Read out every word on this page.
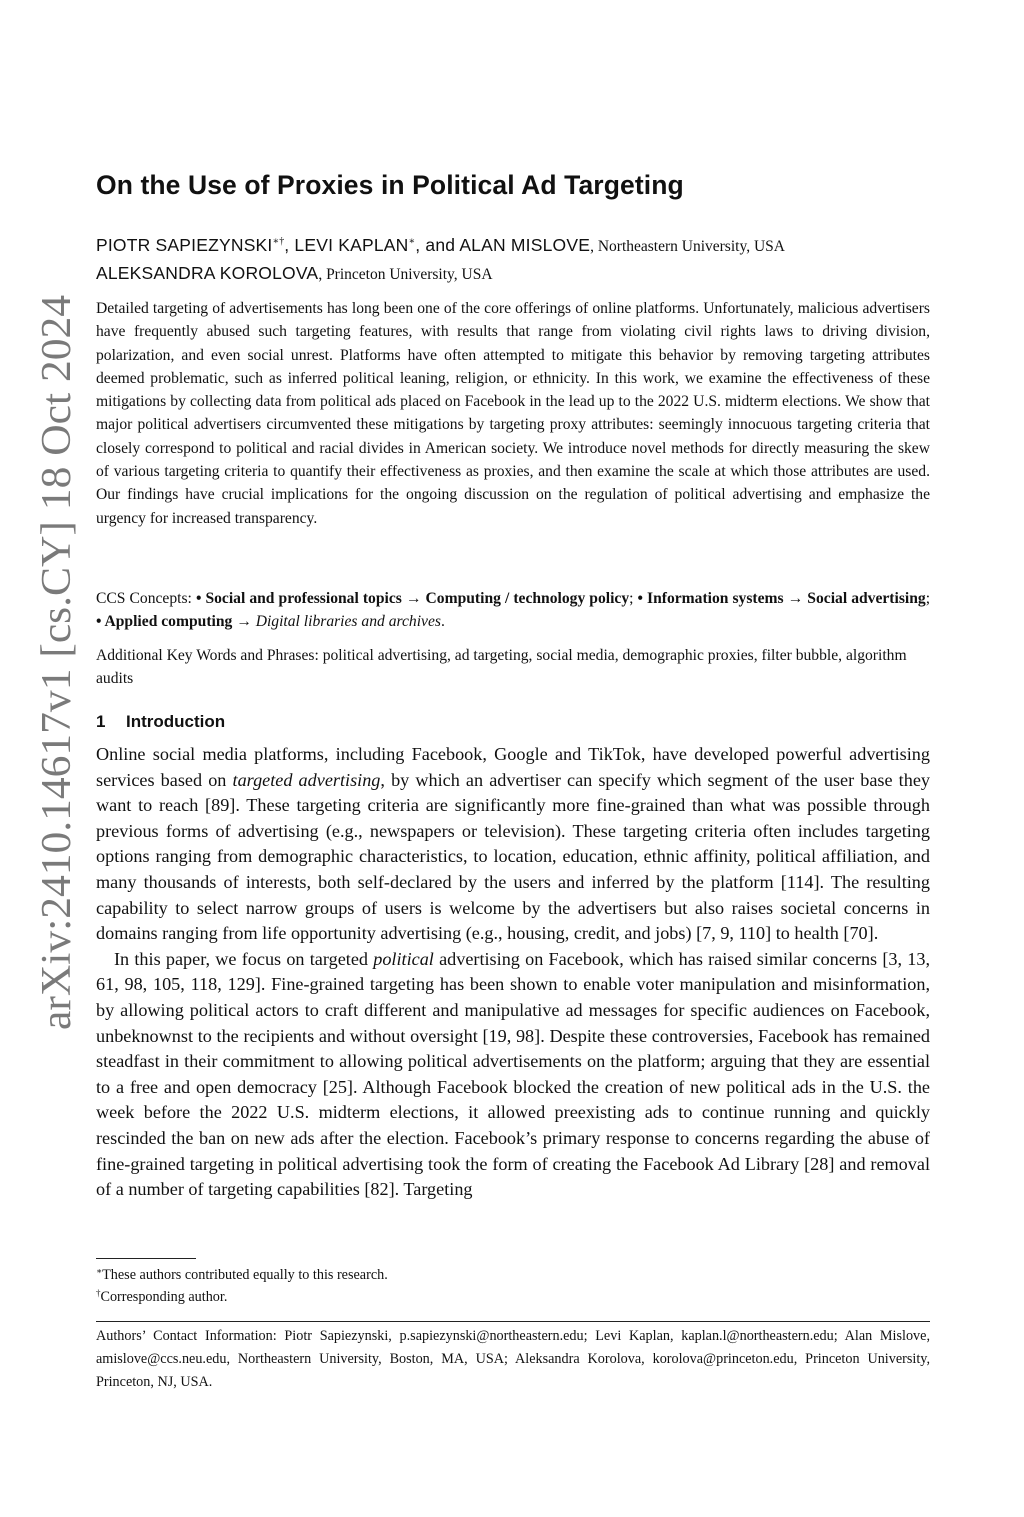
arXiv:2410.14617v1 [cs.CY] 18 Oct 2024
On the Use of Proxies in Political Ad Targeting
PIOTR SAPIEZYNSKI∗†, LEVI KAPLAN∗, and ALAN MISLOVE, Northeastern University, USA
ALEKSANDRA KOROLOVA, Princeton University, USA

Detailed targeting of advertisements has long been one of the core offerings of online platforms. Unfortunately, malicious advertisers have frequently abused such targeting features, with results that range from violating civil rights laws to driving division, polarization, and even social unrest. Platforms have often attempted to mitigate this behavior by removing targeting attributes deemed problematic, such as inferred political leaning, religion, or ethnicity. In this work, we examine the effectiveness of these mitigations by collecting data from political ads placed on Facebook in the lead up to the 2022 U.S. midterm elections. We show that major political advertisers circumvented these mitigations by targeting proxy attributes: seemingly innocuous targeting criteria that closely correspond to political and racial divides in American society. We introduce novel methods for directly measuring the skew of various targeting criteria to quantify their effectiveness as proxies, and then examine the scale at which those attributes are used. Our findings have crucial implications for the ongoing discussion on the regulation of political advertising and emphasize the urgency for increased transparency.

CCS Concepts: • Social and professional topics → Computing / technology policy; • Information systems → Social advertising; • Applied computing → Digital libraries and archives.

Additional Key Words and Phrases: political advertising, ad targeting, social media, demographic proxies, filter bubble, algorithm audits

1 Introduction

Online social media platforms, including Facebook, Google and TikTok, have developed powerful advertising services based on targeted advertising, by which an advertiser can specify which segment of the user base they want to reach [89]. These targeting criteria are significantly more fine-grained than what was possible through previous forms of advertising (e.g., newspapers or television). These targeting criteria often includes targeting options ranging from demographic characteristics, to location, education, ethnic affinity, political affiliation, and many thousands of interests, both self-declared by the users and inferred by the platform [114]. The resulting capability to select narrow groups of users is welcome by the advertisers but also raises societal concerns in domains ranging from life opportunity advertising (e.g., housing, credit, and jobs) [7, 9, 110] to health [70].

In this paper, we focus on targeted political advertising on Facebook, which has raised similar concerns [3, 13, 61, 98, 105, 118, 129]. Fine-grained targeting has been shown to enable voter manipulation and misinformation, by allowing political actors to craft different and manipulative ad messages for specific audiences on Facebook, unbeknownst to the recipients and without oversight [19, 98]. Despite these controversies, Facebook has remained steadfast in their commitment to allowing political advertisements on the platform; arguing that they are essential to a free and open democracy [25]. Although Facebook blocked the creation of new political ads in the U.S. the week before the 2022 U.S. midterm elections, it allowed preexisting ads to continue running and quickly rescinded the ban on new ads after the election. Facebook’s primary response to concerns regarding the abuse of fine-grained targeting in political advertising took the form of creating the Facebook Ad Library [28] and removal of a number of targeting capabilities [82]. Targeting

∗These authors contributed equally to this research.
†Corresponding author.

Authors’ Contact Information: Piotr Sapiezynski, p.sapiezynski@northeastern.edu; Levi Kaplan, kaplan.l@northeastern.edu; Alan Mislove, amislove@ccs.neu.edu, Northeastern University, Boston, MA, USA; Aleksandra Korolova, korolova@princeton.edu, Princeton University, Princeton, NJ, USA.
